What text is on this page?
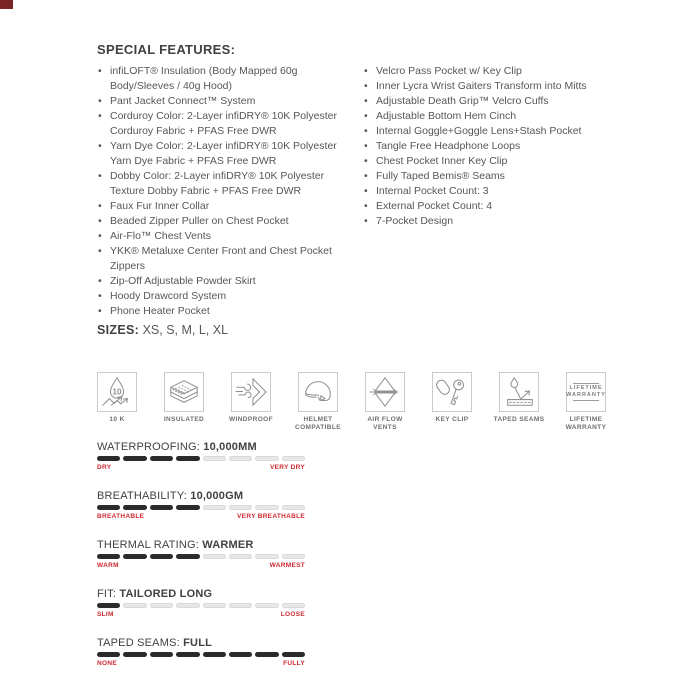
SPECIAL FEATURES:
• infiLOFT® Insulation (Body Mapped 60g Body/Sleeves / 40g Hood)
• Pant Jacket Connect™ System
• Corduroy Color: 2-Layer infiDRY® 10K Polyester Corduroy Fabric + PFAS Free DWR
• Yarn Dye Color: 2-Layer infiDRY® 10K Polyester Yarn Dye Fabric + PFAS Free DWR
• Dobby Color: 2-Layer infiDRY® 10K Polyester Texture Dobby Fabric + PFAS Free DWR
• Faux Fur Inner Collar
• Beaded Zipper Puller on Chest Pocket
• Air-Flo™ Chest Vents
• YKK® Metaluxe Center Front and Chest Pocket Zippers
• Zip-Off Adjustable Powder Skirt
• Hoody Drawcord System
• Phone Heater Pocket
• Velcro Pass Pocket w/ Key Clip
• Inner Lycra Wrist Gaiters Transform into Mitts
• Adjustable Death Grip™ Velcro Cuffs
• Adjustable Bottom Hem Cinch
• Internal Goggle+Goggle Lens+Stash Pocket
• Tangle Free Headphone Loops
• Chest Pocket Inner Key Clip
• Fully Taped Bemis® Seams
• Internal Pocket Count: 3
• External Pocket Count: 4
• 7-Pocket Design
SIZES: XS, S, M, L, XL
10
10 K	INSULATED	WINDPROOF	HELMET COMPATIBLE
AIR FLOW VENTS
KEY CLIP	TAPED SEAMS
LIFETIME
WARRANTY
LIFETIME WARRANTY
WATERPROOFING: 10,000MM
DRY	VERY DRY
BREATHABILITY: 10,000GM
BREATHABLE	VERY BREATHABLE
THERMAL RATING: WARMER
WARM	WARMEST
FIT: TAILORED LONG
SLIM	LOOSE
TAPED SEAMS: FULL
NONE	FULLY
